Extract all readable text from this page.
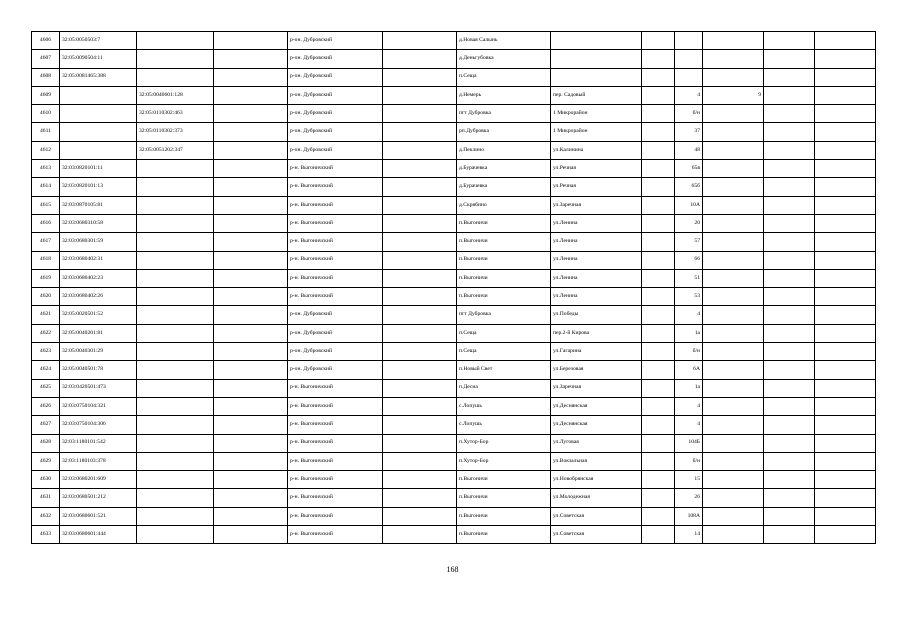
4606	32:05:0050503:7			р-он. Дубровский		д.Новая Салынь						
4607	32:05:0090504:11			р-он. Дубровский		д.Деньгубовка						
4608	32:05:0081465:388			р-он. Дубровский		п.Сеща						
4609		32:05:0040601:128		р-он. Дубровский		д.Немерь	пер. Садовый		4	9		
4610		32:05:0110302:463		р-он. Дубровский		пгт Дубровка	1 Микрорайон		б/н			
4611		32:05:0110302:373		р-он. Дубровский		рп.Дубровка	1 Микрорайон		37			
4612		32:05:0051202:347		р-он. Дубровский		д.Пеклино	ул.Калинина		48			
4613	32:03:0820101:11			р-н. Выгоничский		д.Бурачевка	ул.Речная		65в			
4614	32:03:0820101:13			р-н. Выгоничский		д.Бурачевка	ул.Речная		65б			
4615	32:03:0870105:81			р-н. Выгоничский		д.Скрябино	ул.Заречная		10А			
4616	32:03:0680310:58			р-н. Выгоничский		п.Выгоничи	ул.Ленина		20			
4617	32:03:0680301:59			р-н. Выгоничский		п.Выгоничи	ул.Ленина		57			
4618	32:03:0680402:31			р-н. Выгоничский		п.Выгоничи	ул.Ленина		66			
4619	32:03:0680402:23			р-н. Выгоничский		п.Выгоничи	ул.Ленина		51			
4620	32:03:0680402:26			р-н. Выгоничский		п.Выгоничи	ул.Ленина		53			
4621	32:05:0020501:52			р-он. Дубровский		пгт Дубровка	ул.Победы		4			
4622	32:05:0040201:81			р-он. Дубровский		п.Сеща	пер.2-й Кирова		1а			
4623	32:05:0040301:29			р-он. Дубровский		п.Сеща	ул.Гагарина		б/н			
4624	32:05:0040501:78			р-он. Дубровский		п.Новый Свет	ул.Березовая		6А			
4625	32:03:0420501:473			р-н. Выгоничский		п.Десна	ул.Заречная		1а			
4626	32:03:0750104:321			р-н. Выгоничский		с.Лопушь	ул.Деснянская		4			
4627	32:03:0750104:306			р-н. Выгоничский		с.Лопушь	ул.Деснянская		4			
4628	32:03:1180101:542			р-н. Выгоничский		п.Хутор-Бор	ул.Луговая		104Б			
4629	32:03:1180103:378			р-н. Выгоничский		п.Хутор-Бор	ул.Вокзальная		б/н			
4630	32:03:0680201:609			р-н. Выгоничский		п.Выгоничи	ул.Новобрянская		15			
4631	32:03:0680501:212			р-н. Выгоничский		п.Выгоничи	ул.Молодежная		26			
4632	32:03:0680601:521			р-н. Выгоничский		п.Выгоничи	ул.Советская		108А			
4633	32:03:0680601:444			р-н. Выгоничский		п.Выгоничи	ул.Советская		14			
168
